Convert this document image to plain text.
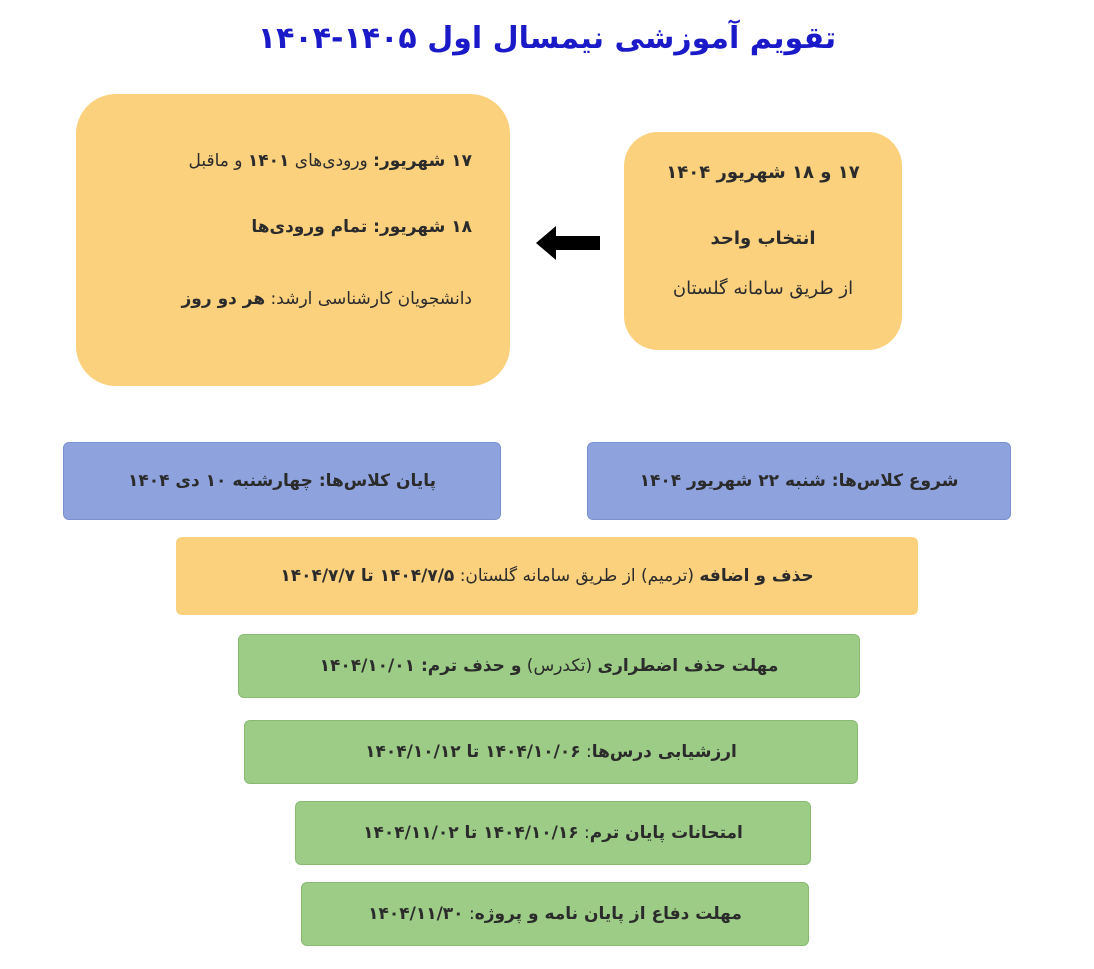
تقویم آموزشی نیمسال اول ۱۴۰۵-۱۴۰۴
۱۷ و ۱۸ شهریور ۱۴۰۴
انتخاب واحد
از طریق سامانه گلستان
۱۷ شهریور: ورودی‌های ۱۴۰۱ و ماقبل
۱۸ شهریور: تمام ورودی‌ها
دانشجویان کارشناسی ارشد: هر دو روز
شروع کلاس‌ها: شنبه ۲۲ شهریور ۱۴۰۴
پایان کلاس‌ها: چهارشنبه ۱۰ دی ۱۴۰۴
حذف و اضافه (ترمیم) از طریق سامانه گلستان: ۱۴۰۴/۷/۵ تا ۱۴۰۴/۷/۷
مهلت حذف اضطراری (تکدرس) و حذف ترم: ۱۴۰۴/۱۰/۰۱
ارزشیابی درس‌ها: ۱۴۰۴/۱۰/۰۶ تا ۱۴۰۴/۱۰/۱۲
امتحانات پایان ترم: ۱۴۰۴/۱۰/۱۶ تا ۱۴۰۴/۱۱/۰۲
مهلت دفاع از پایان نامه و پروژه: ۱۴۰۴/۱۱/۳۰
